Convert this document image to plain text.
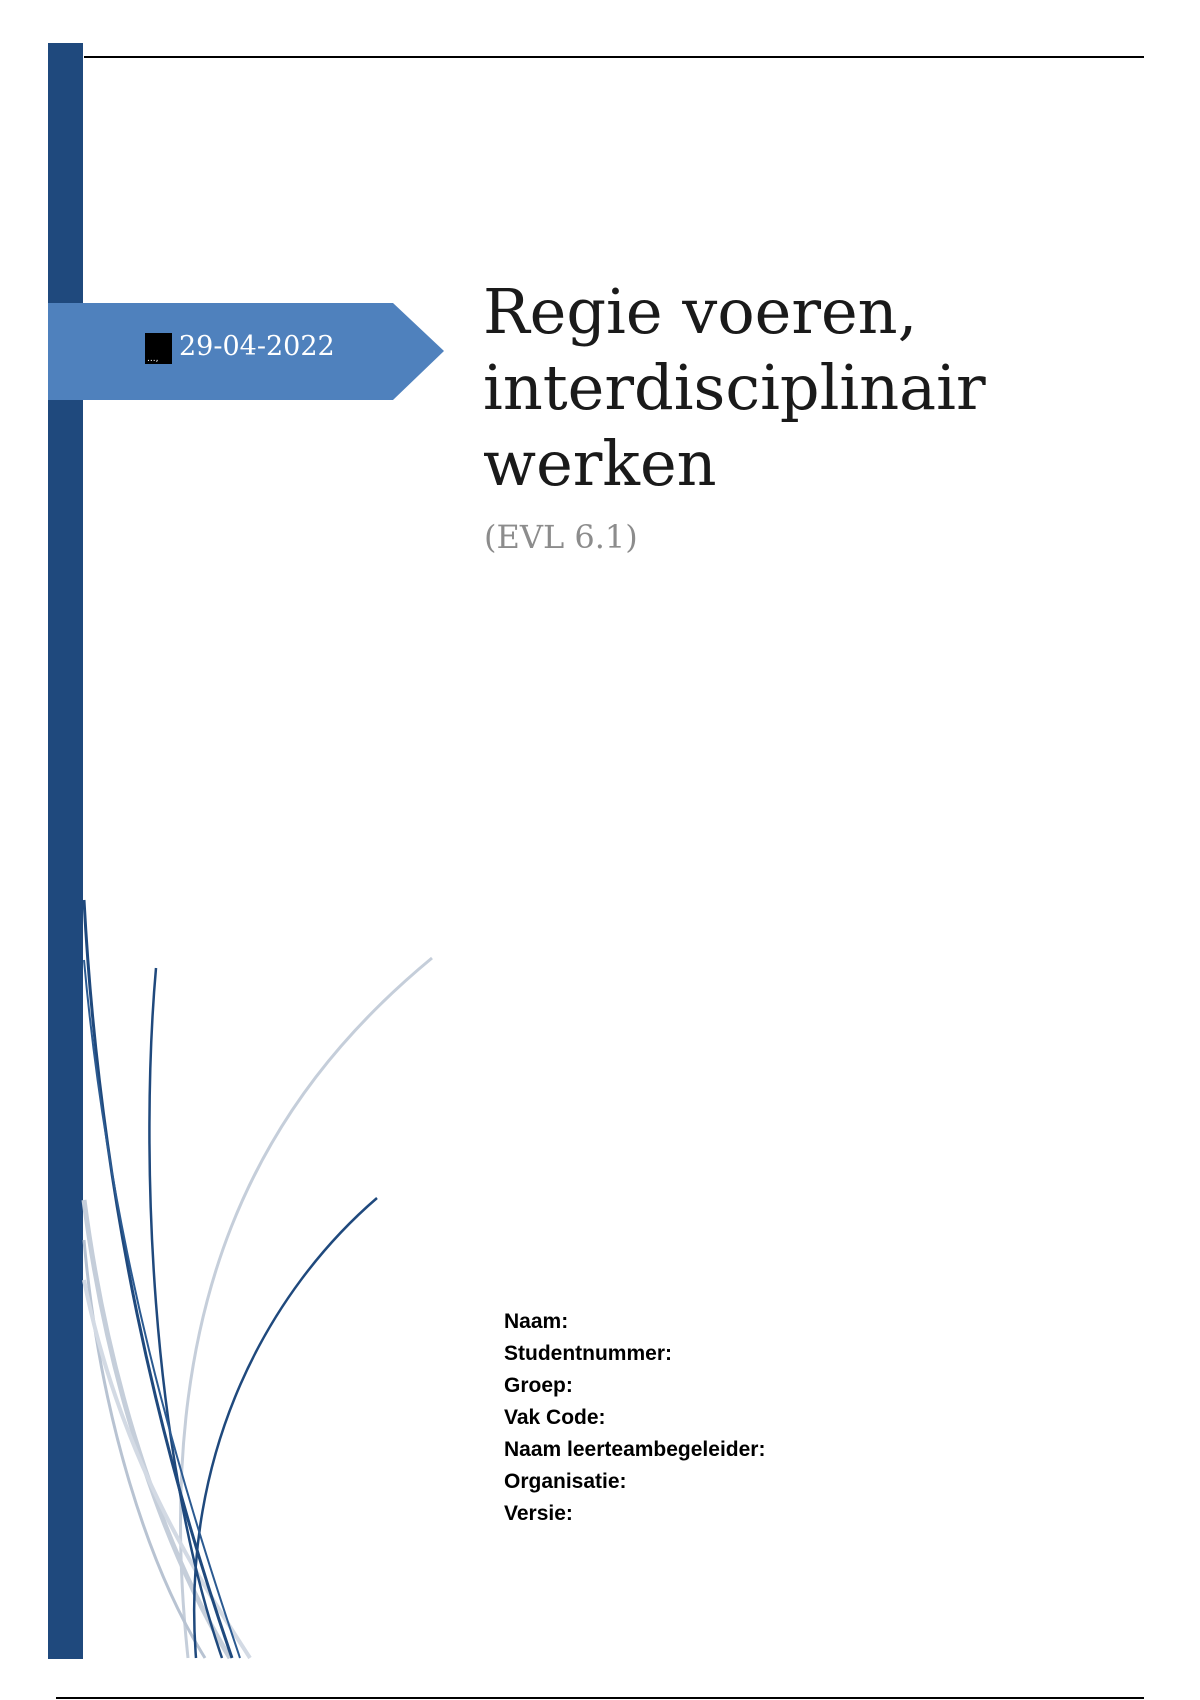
...,
29-04-2022 Regie voeren,
interdisciplinair
werken
(EVL 6.1)
Naam:
Studentnummer:
Groep:
Vak Code:
Naam leerteambegeleider:
Organisatie:
Versie:
